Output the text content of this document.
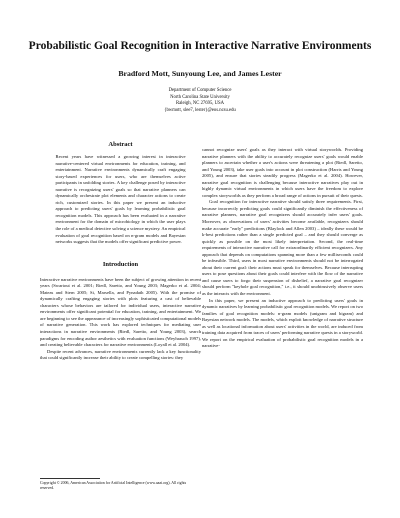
Probabilistic Goal Recognition in Interactive Narrative Environments
Bradford Mott, Sunyoung Lee, and James Lester
Department of Computer Science
North Carolina State University
Raleigh, NC 27695, USA
{bwmott, slee7, lester}@eos.ncsu.edu
Abstract
Recent years have witnessed a growing interest in interactive narrative-centered virtual environments for education, training, and entertainment. Narrative environments dynamically craft engaging story-based experiences for users, who are themselves active participants in unfolding stories. A key challenge posed by interactive narrative is recognizing users' goals so that narrative planners can dynamically orchestrate plot elements and character actions to create rich, customized stories. In this paper we present an inductive approach to predicting users' goals by learning probabilistic goal recognition models. This approach has been evaluated in a narrative environment for the domain of microbiology in which the user plays the role of a medical detective solving a science mystery. An empirical evaluation of goal recognition based on n-gram models and Bayesian networks suggests that the models offer significant predictive power.
Introduction

Interactive narrative environments have been the subject of growing attention in recent years (Swartout et al. 2001; Riedl, Saretto, and Young 2003; Magerko et al. 2004; Mateas and Stern 2005; Si, Marsella, and Pynadath 2005). With the promise of dynamically crafting engaging stories with plots featuring a cast of believable characters whose behaviors are tailored for individual users, interactive narrative environments offer significant potential for education, training, and entertainment. We are beginning to see the appearance of increasingly sophisticated computational models of narrative generation. This work has explored techniques for mediating user interactions in narrative environments (Riedl, Saretto, and Young 2003), search paradigms for encoding author aesthetics with evaluation functions (Weyhrauch 1997), and creating believable characters for narrative environments (Loyall et al. 2004).

Despite recent advances, narrative environments currently lack a key functionality that could significantly increase their ability to create compelling stories: they

cannot recognize users' goals as they interact with virtual storyworlds. Providing narrative planners with the ability to accurately recognize users' goals would enable planners to ascertain whether a user's actions were threatening a plot (Riedl, Saretto, and Young 2003), take user goals into account in plot construction (Harris and Young 2005), and ensure that stories steadily progress (Magerko et al. 2004). However, narrative goal recognition is challenging because interactive narratives play out in highly dynamic virtual environments in which users have the freedom to explore complex storyworlds as they perform a broad range of actions in pursuit of their quests.

Goal recognition for interactive narrative should satisfy three requirements. First, because incorrectly predicting goals could significantly diminish the effectiveness of narrative planners, narrative goal recognizers should accurately infer users' goals. Moreover, as observations of users' activities become available, recognizers should make accurate "early" predictions (Blaylock and Allen 2003) – ideally these would be k-best predictions rather than a single predicted goal – and they should converge as quickly as possible on the most likely interpretation. Second, the real-time requirements of interactive narrative call for extraordinarily efficient recognizers. Any approach that depends on computations spanning more than a few milliseconds could be infeasible. Third, users in most narrative environments should not be interrogated about their current goal: their actions must speak for themselves. Because interrupting users to pose questions about their goals could interfere with the flow of the narrative and cause users to forgo their suspension of disbelief, a narrative goal recognizer should perform "keyhole goal recognition," i.e., it should unobtrusively observe users as the interacts with the environment.

In this paper, we present an inductive approach to predicting users' goals in dynamic narratives by learning probabilistic goal recognition models. We report on two families of goal recognition models: n-gram models (unigram and bigram) and Bayesian network models. The models, which exploit knowledge of narrative structure as well as locational information about users' activities in the world, are induced from training data acquired from traces of users' performing narrative quests in a storyworld. We report on the empirical evaluation of probabilistic goal recognition models in a narrative-

Copyright © 2006, American Association for Artificial Intelligence (www.aaai.org). All rights reserved.
